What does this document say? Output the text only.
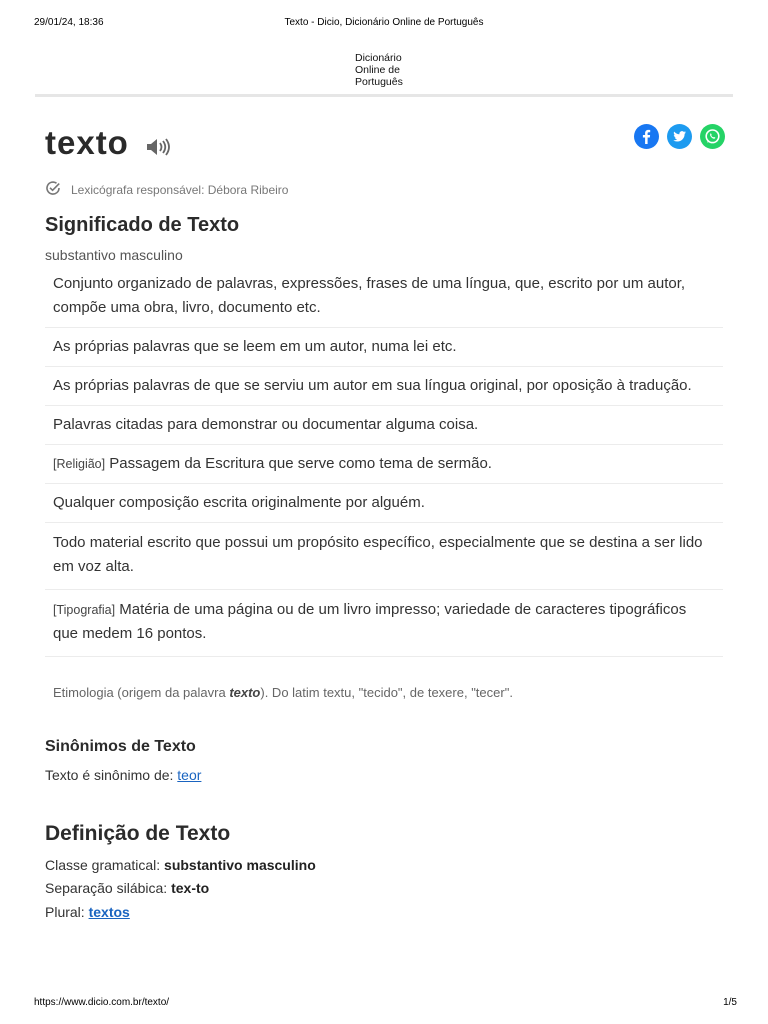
29/01/24, 18:36	Texto - Dicio, Dicionário Online de Português
Dicionário
Online de
Português
texto
Lexicógrafa responsável: Débora Ribeiro
Significado de Texto
substantivo masculino
Conjunto organizado de palavras, expressões, frases de uma língua, que, escrito por um autor, compõe uma obra, livro, documento etc.
As próprias palavras que se leem em um autor, numa lei etc.
As próprias palavras de que se serviu um autor em sua língua original, por oposição à tradução.
Palavras citadas para demonstrar ou documentar alguma coisa.
[Religião] Passagem da Escritura que serve como tema de sermão.
Qualquer composição escrita originalmente por alguém.
Todo material escrito que possui um propósito específico, especialmente que se destina a ser lido em voz alta.
[Tipografia] Matéria de uma página ou de um livro impresso; variedade de caracteres tipográficos que medem 16 pontos.
Etimologia (origem da palavra texto). Do latim textu, "tecido", de texere, "tecer".
Sinônimos de Texto
Texto é sinônimo de: teor
Definição de Texto
Classe gramatical: substantivo masculino
Separação silábica: tex-to
Plural: textos
https://www.dicio.com.br/texto/	1/5
